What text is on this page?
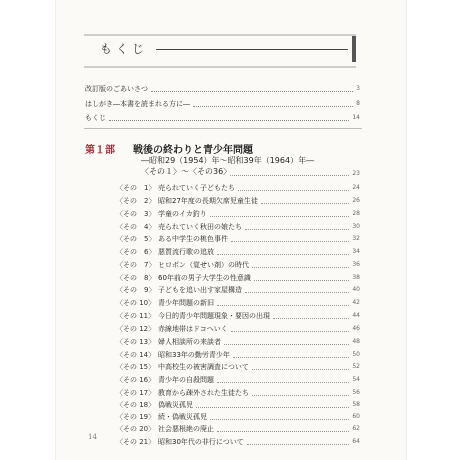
もくじ
改訂版のごあいさつ	3
はしがき―本書を読まれる方に―	8
もくじ	14
第１部 戦後の終わりと青少年問題
―昭和29（1954）年～昭和39年（1964）年―
〈その１〉～〈その36〉	23
〈その　1〉 売られていく子どもたち	24
〈その　2〉 昭和27年度の長期欠席児童生徒	26
〈その　3〉 学童のイカ釣り	28
〈その　4〉 売られていく秋田の娘たち	30
〈その　5〉 ある中学生の桃色事件	32
〈その　6〉 悪質流行歌の追放	34
〈その　7〉 ヒロポン（覚せい剤）の時代	36
〈その　8〉 60年前の男子大学生の性意識	38
〈その　9〉 子どもを追い出す家屋構造	40
〈その 10〉 青少年問題の新旧	42
〈その 11〉 今日的青少年問題現象・要因の出現	44
〈その 12〉 赤線地帯はドコへいく	46
〈その 13〉 婦人相談所の来談者	48
〈その 14〉 昭和33年の勤労青少年	50
〈その 15〉 中高校生の被害調査について	52
〈その 16〉 青少年の自殺問題	54
〈その 17〉 教育から疎外された生徒たち	56
〈その 18〉 偽戦災孤児	58
〈その 19〉 続・偽戦災孤児	60
〈その 20〉 社会悪根絶の廃止	62
〈その 21〉 昭和30年代の非行について	64
14
